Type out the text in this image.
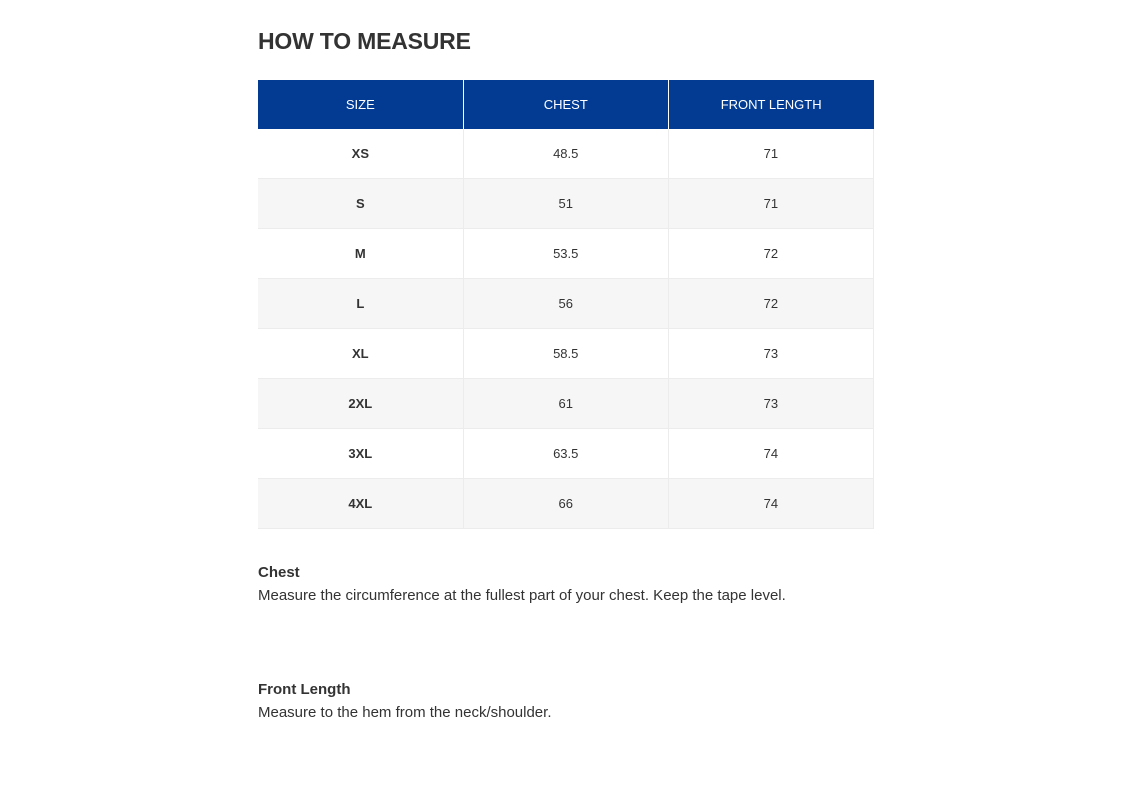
HOW TO MEASURE
SIZE	CHEST	FRONT LENGTH
XS	48.5	71
S	51	71
M	53.5	72
L	56	72
XL	58.5	73
2XL	61	73
3XL	63.5	74
4XL	66	74
Chest
Measure the circumference at the fullest part of your chest. Keep the tape level.
Front Length
Measure to the hem from the neck/shoulder.
